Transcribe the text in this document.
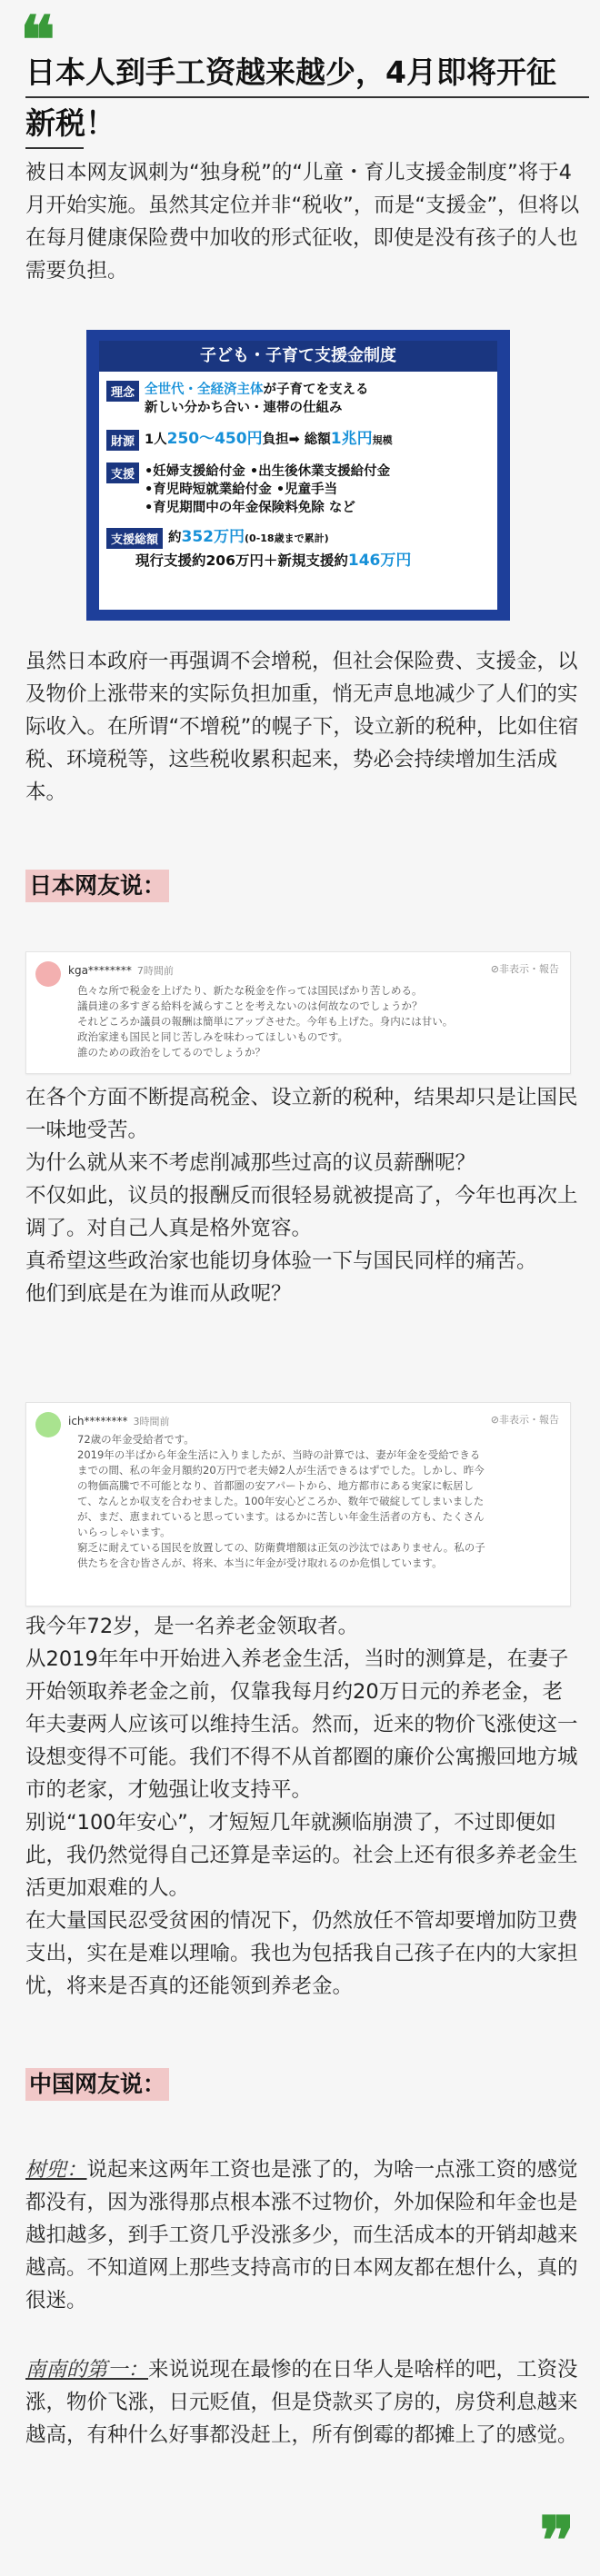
❝
日本人到手工资越来越少，4月即将开征新税！

被日本网友讽刺为“独身税”的“儿童・育儿支援金制度”将于4月开始实施。虽然其定位并非“税收”，而是“支援金”，但将以在每月健康保险费中加收的形式征收，即使是没有孩子的人也需要负担。

子ども・子育て支援金制度
理念 全世代・全経済主体が子育てを支える
新しい分かち合い・連帯の仕組み
財源 1人250～450円負担➡ 総額1兆円規模
支援 •妊婦支援給付金 •出生後休業支援給付金
•育児時短就業給付金 •児童手当
•育児期間中の年金保険料免除 など
支援総額 約352万円(0-18歳まで累計)
現行支援約206万円＋新規支援約146万円

虽然日本政府一再强调不会增税，但社会保险费、支援金，以及物价上涨带来的实际负担加重，悄无声息地减少了人们的实际收入。在所谓“不增税”的幌子下，设立新的税种，比如住宿税、环境税等，这些税收累积起来，势必会持续增加生活成本。

日本网友说：
kga******** 7時間前	⊘非表示・報告
色々な所で税金を上げたり、新たな税金を作っては国民ばかり苦しめる。
議員達の多すぎる給料を減らすことを考えないのは何故なのでしょうか？
それどころか議員の報酬は簡単にアップさせた。今年も上げた。身内には甘い。
政治家達も国民と同じ苦しみを味わってほしいものです。
誰のための政治をしてるのでしょうか？

在各个方面不断提高税金、设立新的税种，结果却只是让国民一味地受苦。
为什么就从来不考虑削减那些过高的议员薪酬呢？
不仅如此，议员的报酬反而很轻易就被提高了，今年也再次上调了。对自己人真是格外宽容。
真希望这些政治家也能切身体验一下与国民同样的痛苦。
他们到底是在为谁而从政呢？

ich******** 3時間前	⊘非表示・報告
72歳の年金受給者です。
2019年の半ばから年金生活に入りましたが、当時の計算では、妻が年金を受給できる
までの間、私の年金月額約20万円で老夫婦2人が生活できるはずでした。しかし、昨今
の物価高騰で不可能となり、首都圏の安アパートから、地方都市にある実家に転居し
て、なんとか収支を合わせました。100年安心どころか、数年で破綻してしまいました
が、まだ、恵まれていると思っています。はるかに苦しい年金生活者の方も、たくさん
いらっしゃいます。
窮乏に耐えている国民を放置しての、防衛費増額は正気の沙汰ではありません。私の子
供たちを含む皆さんが、将来、本当に年金が受け取れるのか危惧しています。

我今年72岁，是一名养老金领取者。
从2019年年中开始进入养老金生活，当时的测算是，在妻子开始领取养老金之前，仅靠我每月约20万日元的养老金，老年夫妻两人应该可以维持生活。然而，近来的物价飞涨使这一设想变得不可能。我们不得不从首都圈的廉价公寓搬回地方城市的老家，才勉强让收支持平。
别说“100年安心”，才短短几年就濒临崩溃了，不过即便如此，我仍然觉得自己还算是幸运的。社会上还有很多养老金生活更加艰难的人。
在大量国民忍受贫困的情况下，仍然放任不管却要增加防卫费支出，实在是难以理喻。我也为包括我自己孩子在内的大家担忧，将来是否真的还能领到养老金。

中国网友说：

树兜：说起来这两年工资也是涨了的，为啥一点涨工资的感觉都没有，因为涨得那点根本涨不过物价，外加保险和年金也是越扣越多，到手工资几乎没涨多少，而生活成本的开销却越来越高。不知道网上那些支持高市的日本网友都在想什么，真的很迷。

南南的第一：来说说现在最惨的在日华人是啥样的吧，工资没涨，物价飞涨，日元贬值，但是贷款买了房的，房贷利息越来越高，有种什么好事都没赶上，所有倒霉的都摊上了的感觉。

❞
